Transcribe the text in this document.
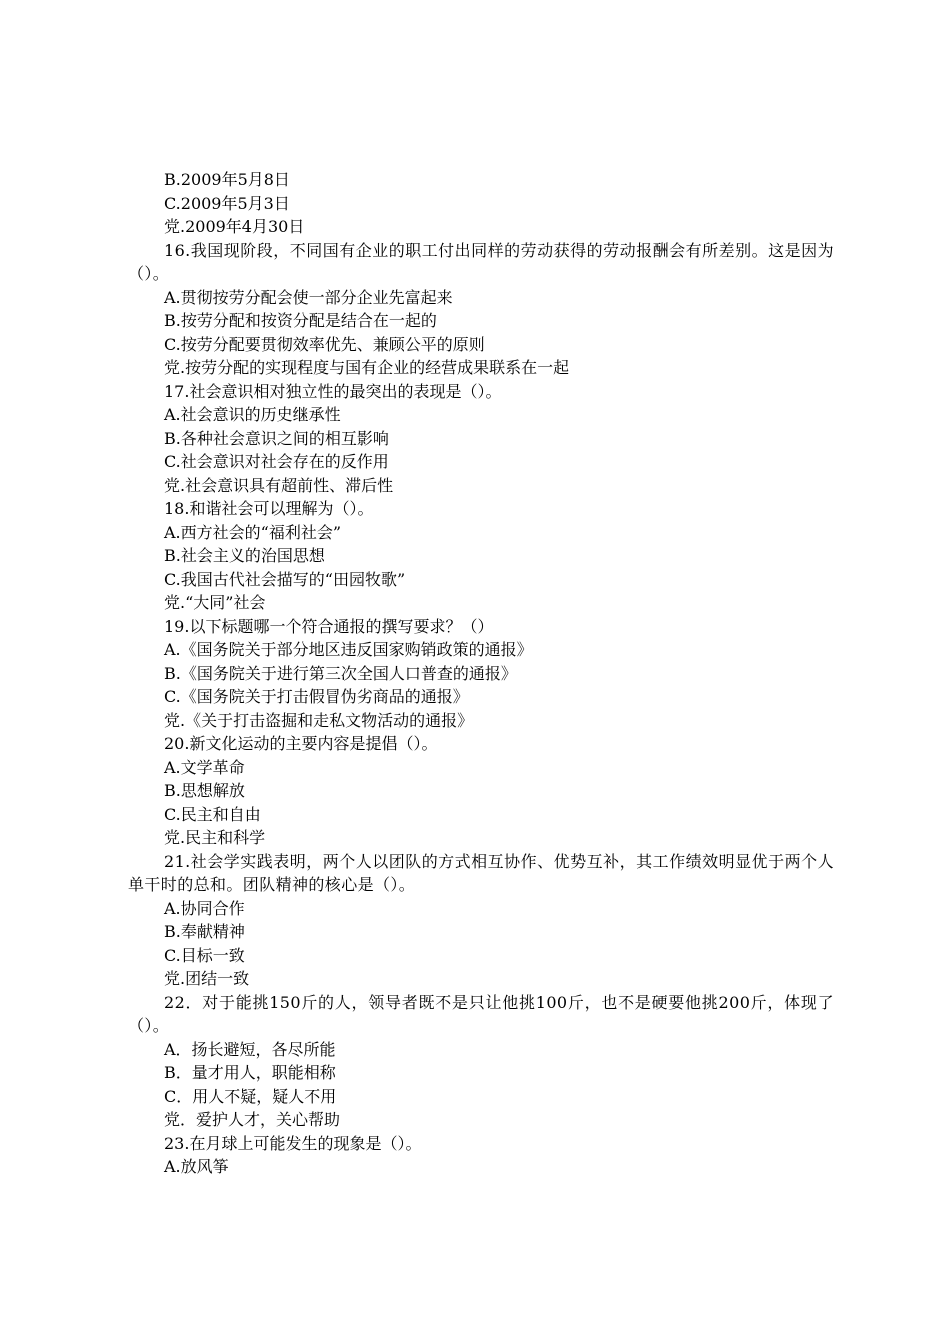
B.2009年5月8日
C.2009年5月3日
党.2009年4月30日
16.我国现阶段，不同国有企业的职工付出同样的劳动获得的劳动报酬会有所差别。这是因为（）。
A.贯彻按劳分配会使一部分企业先富起来
B.按劳分配和按资分配是结合在一起的
C.按劳分配要贯彻效率优先、兼顾公平的原则
党.按劳分配的实现程度与国有企业的经营成果联系在一起
17.社会意识相对独立性的最突出的表现是（）。
A.社会意识的历史继承性
B.各种社会意识之间的相互影响
C.社会意识对社会存在的反作用
党.社会意识具有超前性、滞后性
18.和谐社会可以理解为（）。
A.西方社会的“福利社会”
B.社会主义的治国思想
C.我国古代社会描写的“田园牧歌”
党.“大同”社会
19.以下标题哪一个符合通报的撰写要求？（）
A.《国务院关于部分地区违反国家购销政策的通报》
B.《国务院关于进行第三次全国人口普查的通报》
C.《国务院关于打击假冒伪劣商品的通报》
党.《关于打击盗掘和走私文物活动的通报》
20.新文化运动的主要内容是提倡（）。
A.文学革命
B.思想解放
C.民主和自由
党.民主和科学
21.社会学实践表明，两个人以团队的方式相互协作、优势互补，其工作绩效明显优于两个人单干时的总和。团队精神的核心是（）。
A.协同合作
B.奉献精神
C.目标一致
党.团结一致
22．对于能挑150斤的人，领导者既不是只让他挑100斤，也不是硬要他挑200斤，体现了（）。
A．扬长避短，各尽所能
B．量才用人，职能相称
C．用人不疑，疑人不用
党．爱护人才，关心帮助
23.在月球上可能发生的现象是（）。
A.放风筝
